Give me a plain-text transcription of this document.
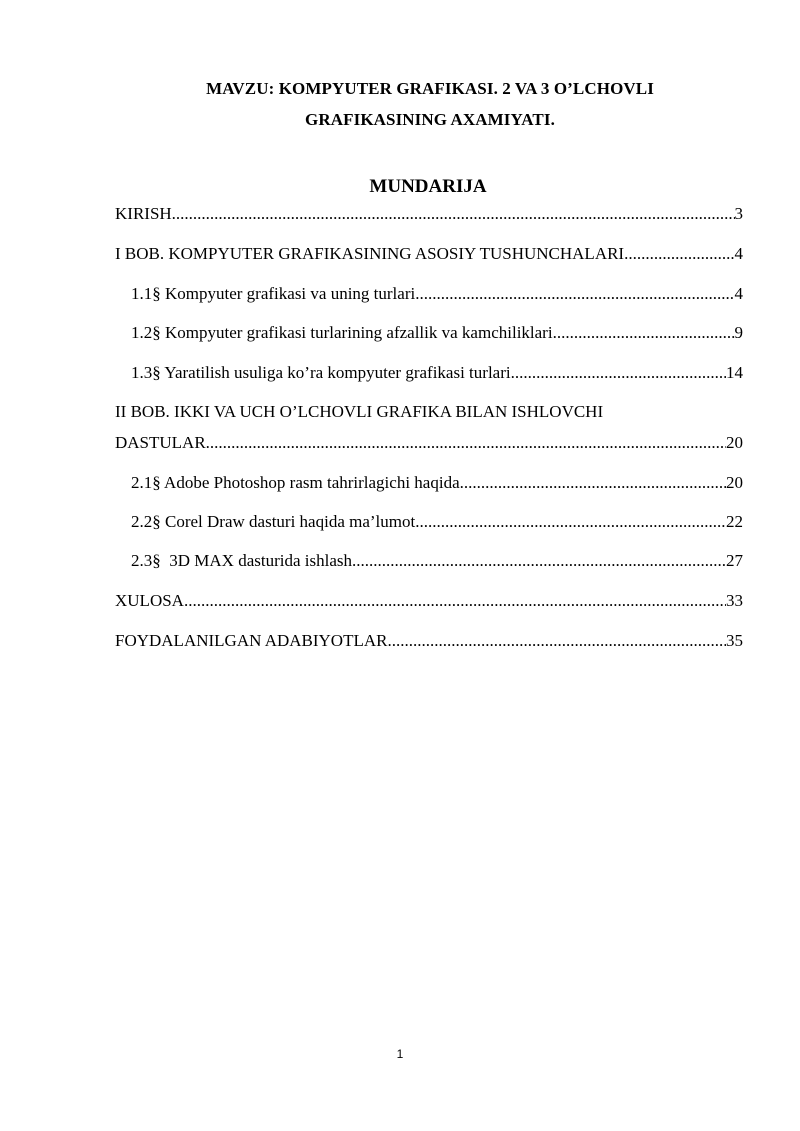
MAVZU: KOMPYUTER GRAFIKASI. 2 VA 3 O’LCHOVLI
GRAFIKASINING AXAMIYATI.
MUNDARIJA
KIRISH .....	3
I BOB. KOMPYUTER GRAFIKASINING ASOSIY TUSHUNCHALARI .....	4
1.1§ Kompyuter grafikasi va uning turlari .....	4
1.2§ Kompyuter grafikasi turlarining afzallik va kamchiliklari .....	9
1.3§ Yaratilish usuliga ko’ra kompyuter grafikasi turlari .....	14
II BOB. IKKI VA UCH O’LCHOVLI GRAFIKA BILAN ISHLOVCHI
DASTULAR .....	20
2.1§ Adobe Photoshop rasm tahrirlagichi haqida .....	20
2.2§ Corel Draw dasturi haqida ma’lumot .....	22
2.3§  3D MAX dasturida ishlash .....	27
XULOSA .....	33
FOYDALANILGAN ADABIYOTLAR .....	35
1
